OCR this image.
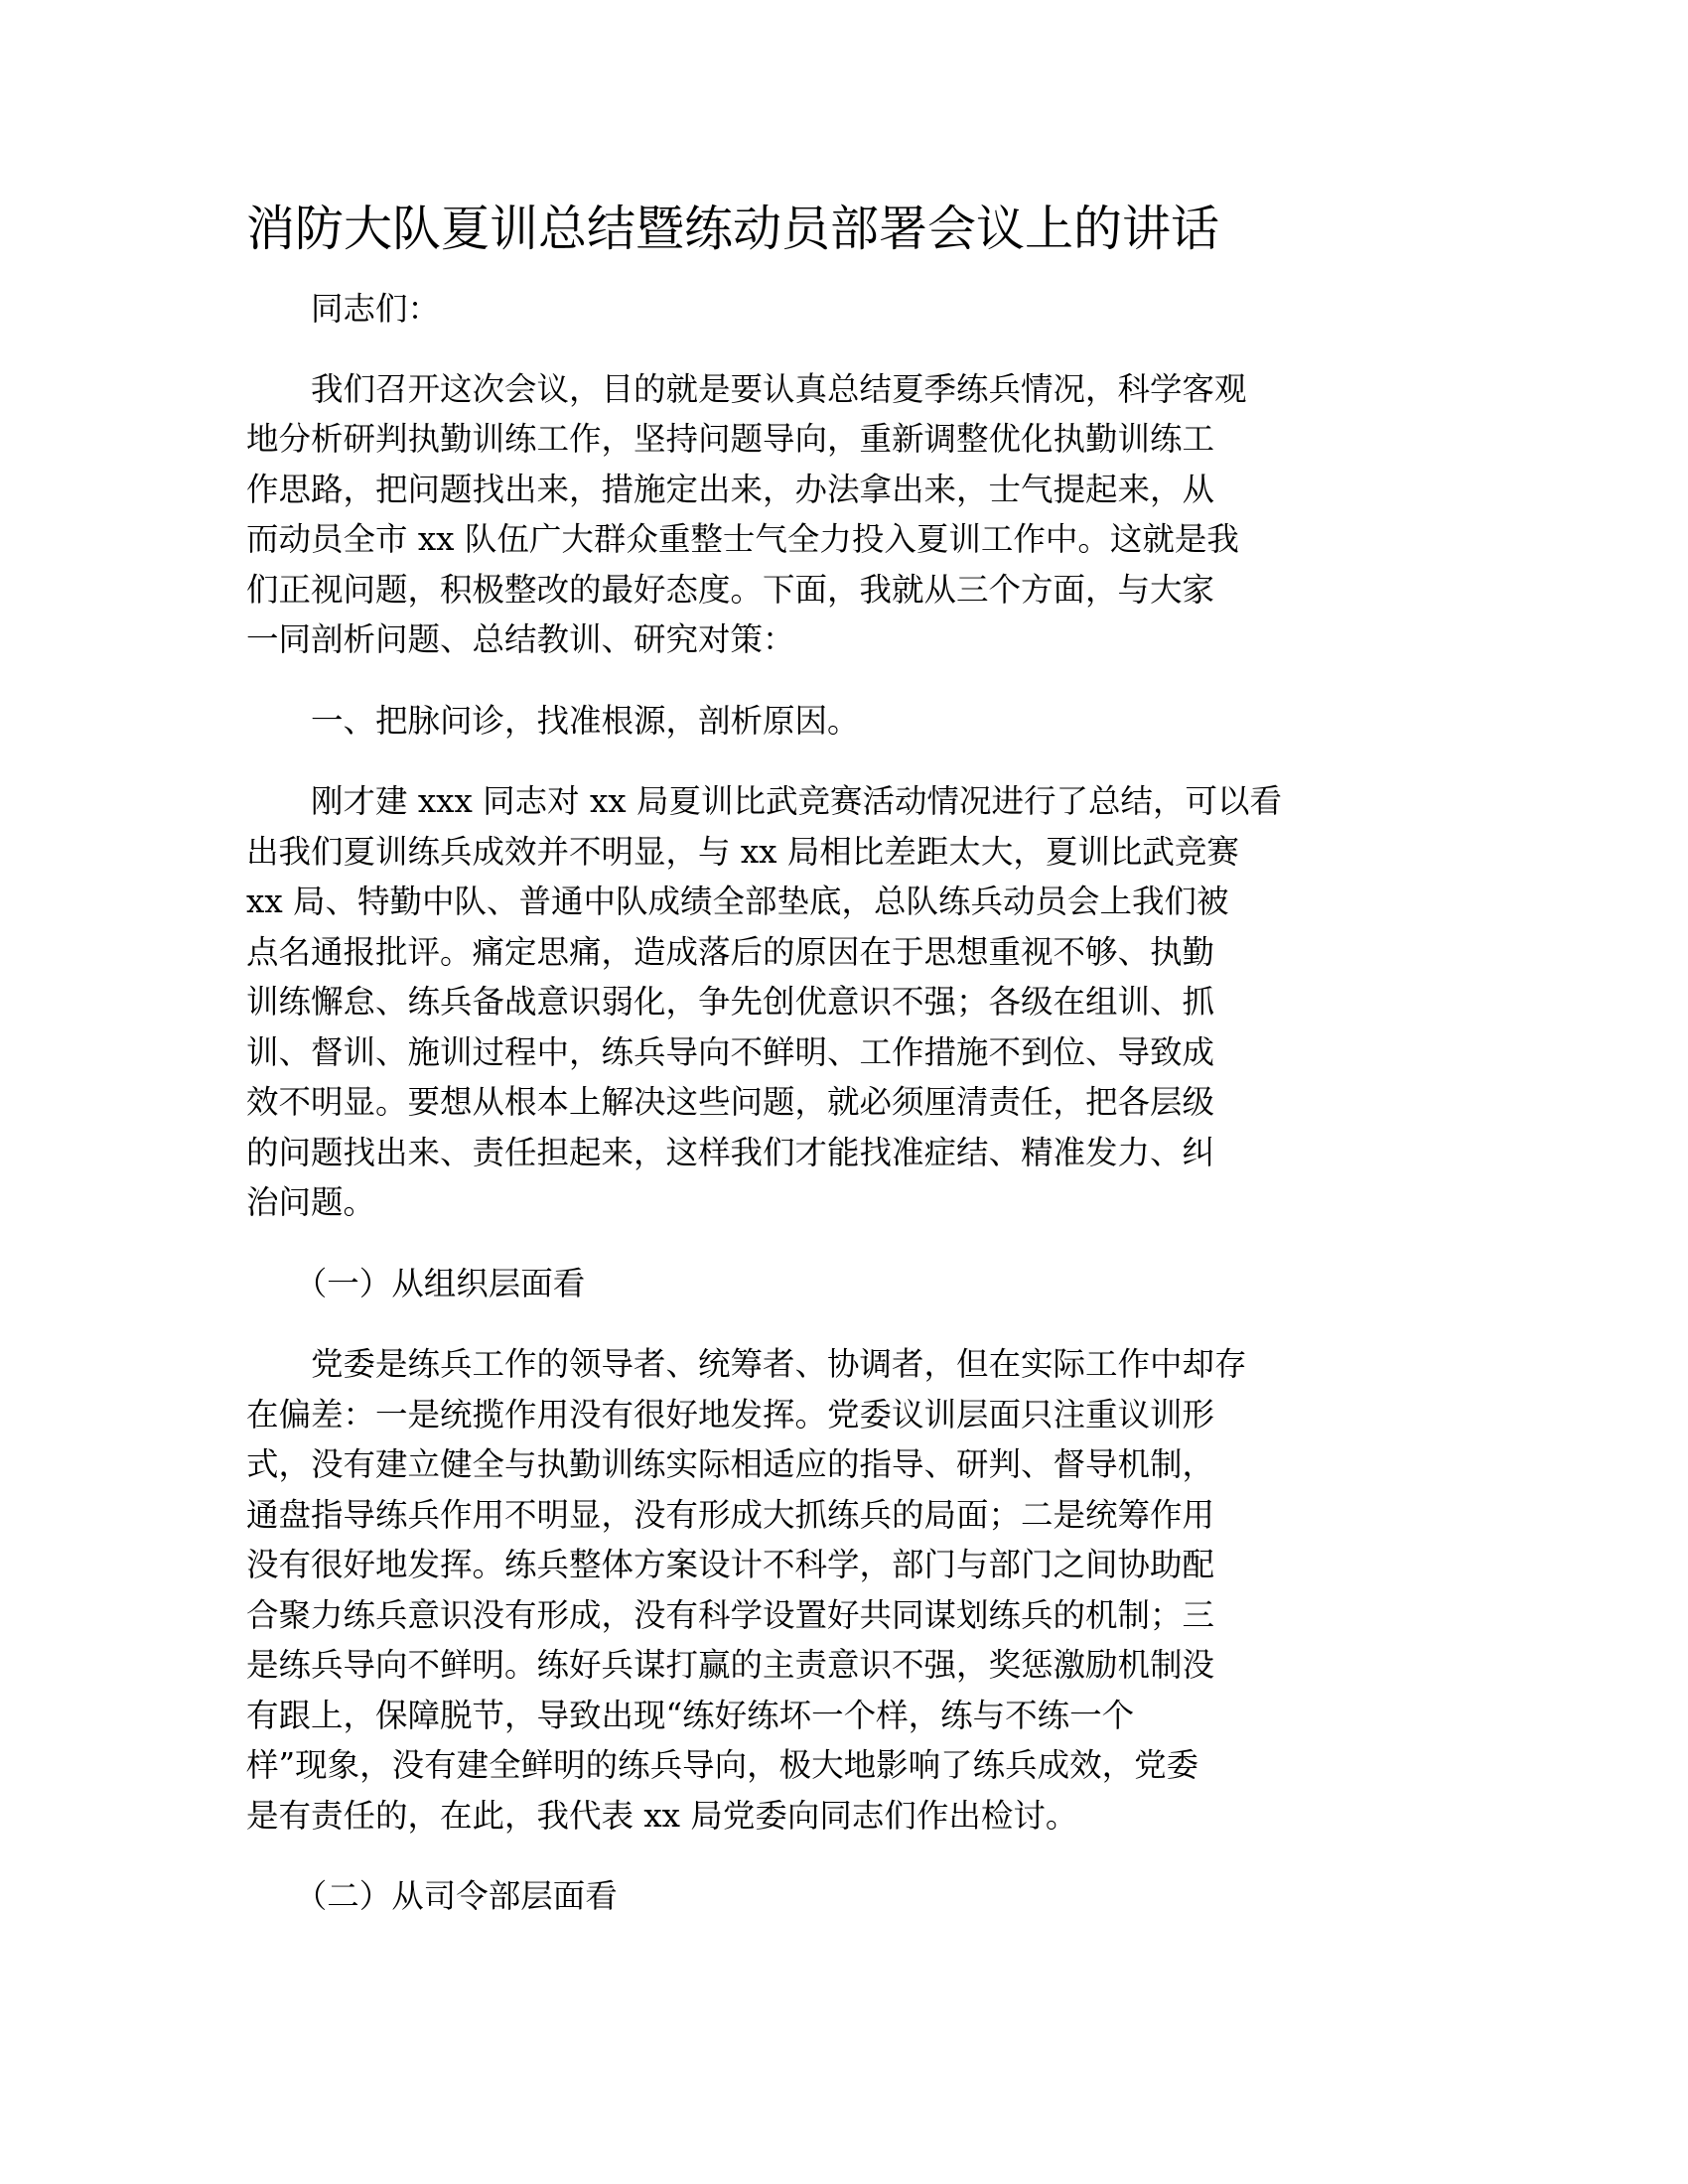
消防大队夏训总结暨练动员部署会议上的讲话
同志们：
我们召开这次会议，目的就是要认真总结夏季练兵情况，科学客观
地分析研判执勤训练工作，坚持问题导向，重新调整优化执勤训练工
作思路，把问题找出来，措施定出来，办法拿出来，士气提起来，从
而动员全市 xx 队伍广大群众重整士气全力投入夏训工作中。这就是我
们正视问题，积极整改的最好态度。下面，我就从三个方面，与大家
一同剖析问题、总结教训、研究对策：
一、把脉问诊，找准根源，剖析原因。
刚才建 xxx 同志对 xx 局夏训比武竞赛活动情况进行了总结，可以看
出我们夏训练兵成效并不明显，与 xx 局相比差距太大，夏训比武竞赛
xx 局、特勤中队、普通中队成绩全部垫底，总队练兵动员会上我们被
点名通报批评。痛定思痛，造成落后的原因在于思想重视不够、执勤
训练懈怠、练兵备战意识弱化，争先创优意识不强；各级在组训、抓
训、督训、施训过程中，练兵导向不鲜明、工作措施不到位、导致成
效不明显。要想从根本上解决这些问题，就必须厘清责任，把各层级
的问题找出来、责任担起来，这样我们才能找准症结、精准发力、纠
治问题。
（一）从组织层面看
党委是练兵工作的领导者、统筹者、协调者，但在实际工作中却存
在偏差：一是统揽作用没有很好地发挥。党委议训层面只注重议训形
式，没有建立健全与执勤训练实际相适应的指导、研判、督导机制，
通盘指导练兵作用不明显，没有形成大抓练兵的局面；二是统筹作用
没有很好地发挥。练兵整体方案设计不科学，部门与部门之间协助配
合聚力练兵意识没有形成，没有科学设置好共同谋划练兵的机制；三
是练兵导向不鲜明。练好兵谋打赢的主责意识不强，奖惩激励机制没
有跟上，保障脱节，导致出现“练好练坏一个样，练与不练一个
样”现象，没有建全鲜明的练兵导向，极大地影响了练兵成效，党委
是有责任的，在此，我代表 xx 局党委向同志们作出检讨。
（二）从司令部层面看
